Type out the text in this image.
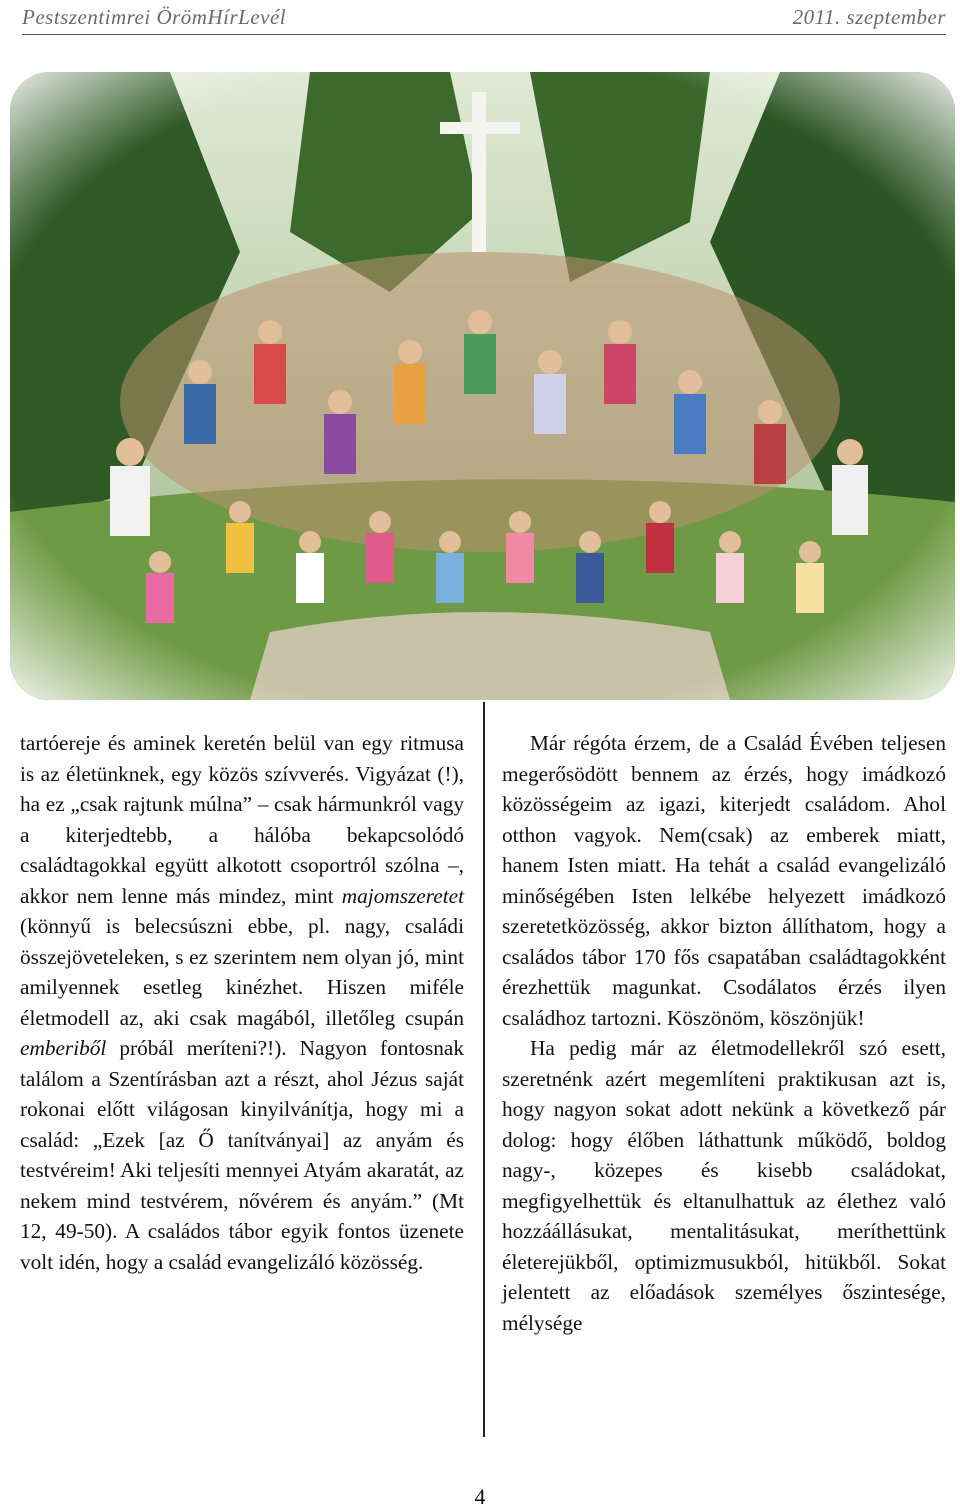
Pestszentimrei ÖrömHírLevél	2011. szeptember

tartóereje és aminek keretén belül van egy ritmusa is az életünknek, egy közös szívverés. Vigyázat (!), ha ez „csak rajtunk múlna” – csak hármunkról vagy a kiterjedtebb, a hálóba bekapcsolódó családtagokkal együtt alkotott csoportról szólna –, akkor nem lenne más mindez, mint majomszeretet (könnyű is belecsúszni ebbe, pl. nagy, családi összejöveteleken, s ez szerintem nem olyan jó, mint amilyennek esetleg kinézhet. Hiszen miféle életmodell az, aki csak magából, illetőleg csupán emberiből próbál meríteni?!). Nagyon fontosnak találom a Szentírásban azt a részt, ahol Jézus saját rokonai előtt világosan kinyilvánítja, hogy mi a család: „Ezek [az Ő tanítványai] az anyám és testvéreim! Aki teljesíti mennyei Atyám akaratát, az nekem mind testvérem, nővérem és anyám.” (Mt 12, 49-50). A családos tábor egyik fontos üzenete volt idén, hogy a család evangelizáló közösség.

Már régóta érzem, de a Család Évében teljesen megerősödött bennem az érzés, hogy imádkozó közösségeim az igazi, kiterjedt családom. Ahol otthon vagyok. Nem(csak) az emberek miatt, hanem Isten miatt. Ha tehát a család evangelizáló minőségében Isten lelkébe helyezett imádkozó szeretetközösség, akkor bizton állíthatom, hogy a családos tábor 170 fős csapatában családtagokként érezhettük magunkat. Csodálatos érzés ilyen családhoz tartozni. Köszönöm, köszönjük!

Ha pedig már az életmodellekről szó esett, szeretnénk azért megemlíteni praktikusan azt is, hogy nagyon sokat adott nekünk a következő pár dolog: hogy élőben láthattunk működő, boldog nagy-, közepes és kisebb családokat, megfigyelhettük és eltanulhattuk az élethez való hozzáállásukat, mentalitásukat, meríthettünk életerejükből, optimizmusukból, hitükből. Sokat jelentett az előadások személyes őszintesége, mélysége

4
